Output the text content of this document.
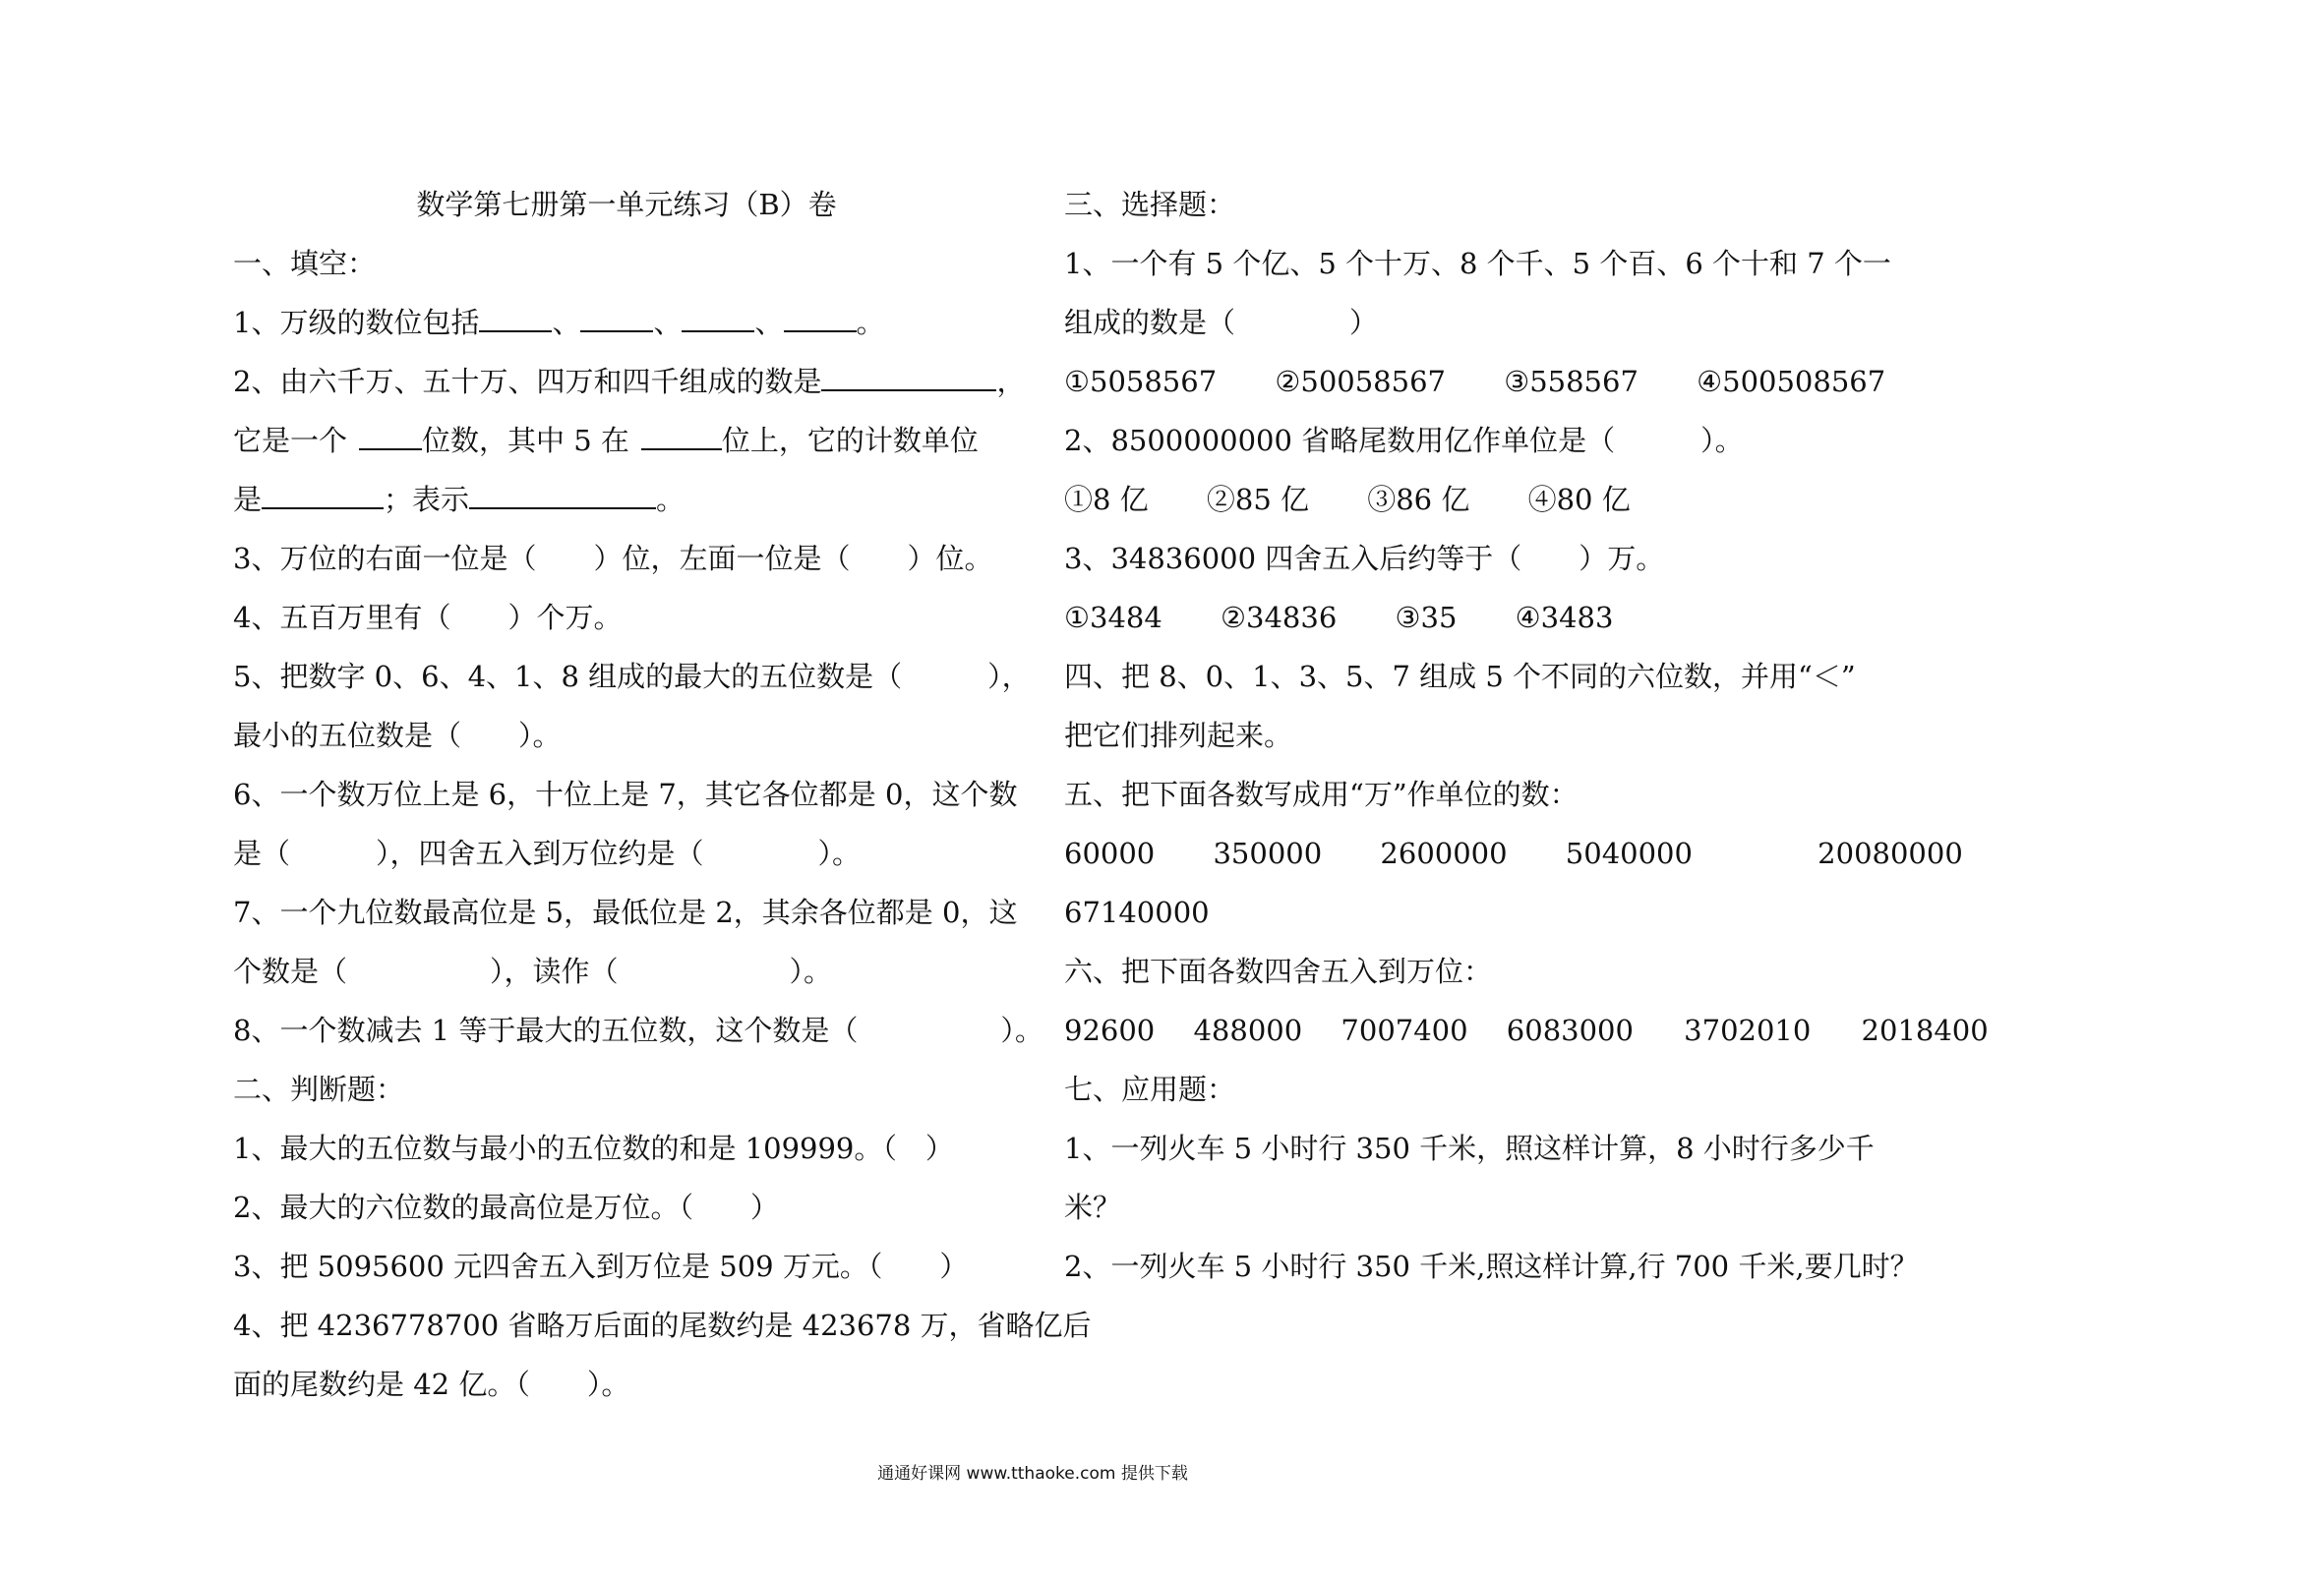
数学第七册第一单元练习（B）卷
一、填空：
1、万级的数位包括	、	、	、	。
2、由六千万、五十万、四万和四千组成的数是	，
它是一个	位数，其中 5 在	位上，它的计数单位
是	；表示	。
3、万位的右面一位是（　　）位，左面一位是（　　）位。
4、五百万里有（　　）个万。
5、把数字 0、6、4、1、8 组成的最大的五位数是（　　　），
最小的五位数是（　　）。
6、一个数万位上是 6，十位上是 7，其它各位都是 0，这个数
是（　　　），四舍五入到万位约是（　　　　）。
7、一个九位数最高位是 5，最低位是 2，其余各位都是 0，这
个数是（　　　　　），读作（　　　　　　）。
8、一个数减去 1 等于最大的五位数，这个数是（　　　　　）。
二、判断题：
1、最大的五位数与最小的五位数的和是 109999。（　）
2、最大的六位数的最高位是万位。（　　）
3、把 5095600 元四舍五入到万位是 509 万元。（　　）
4、把 4236778700 省略万后面的尾数约是 423678 万，省略亿后
面的尾数约是 42 亿。（　　）。
三、选择题：
1、一个有 5 个亿、5 个十万、8 个千、5 个百、6 个十和 7 个一
组成的数是（　　　　）
①5058567 ②50058567 ③558567 ④500508567
2、8500000000 省略尾数用亿作单位是（　　　）。
①8 亿 ②85 亿 ③86 亿 ④80 亿
3、34836000 四舍五入后约等于（　　）万。
①3484 ②34836 ③35 ④3483
四、把 8、0、1、3、5、7 组成 5 个不同的六位数，并用“＜”
把它们排列起来。
五、把下面各数写成用“万”作单位的数：
60000 350000 2600000 5040000	20080000
67140000
六、把下面各数四舍五入到万位：
92600 488000 7007400 6083000 3702010 2018400
七、应用题：
1、一列火车 5 小时行 350 千米，照这样计算，8 小时行多少千
米？
2、一列火车 5 小时行 350 千米,照这样计算,行 700 千米,要几时？
通通好课网 www.tthaoke.com 提供下载
